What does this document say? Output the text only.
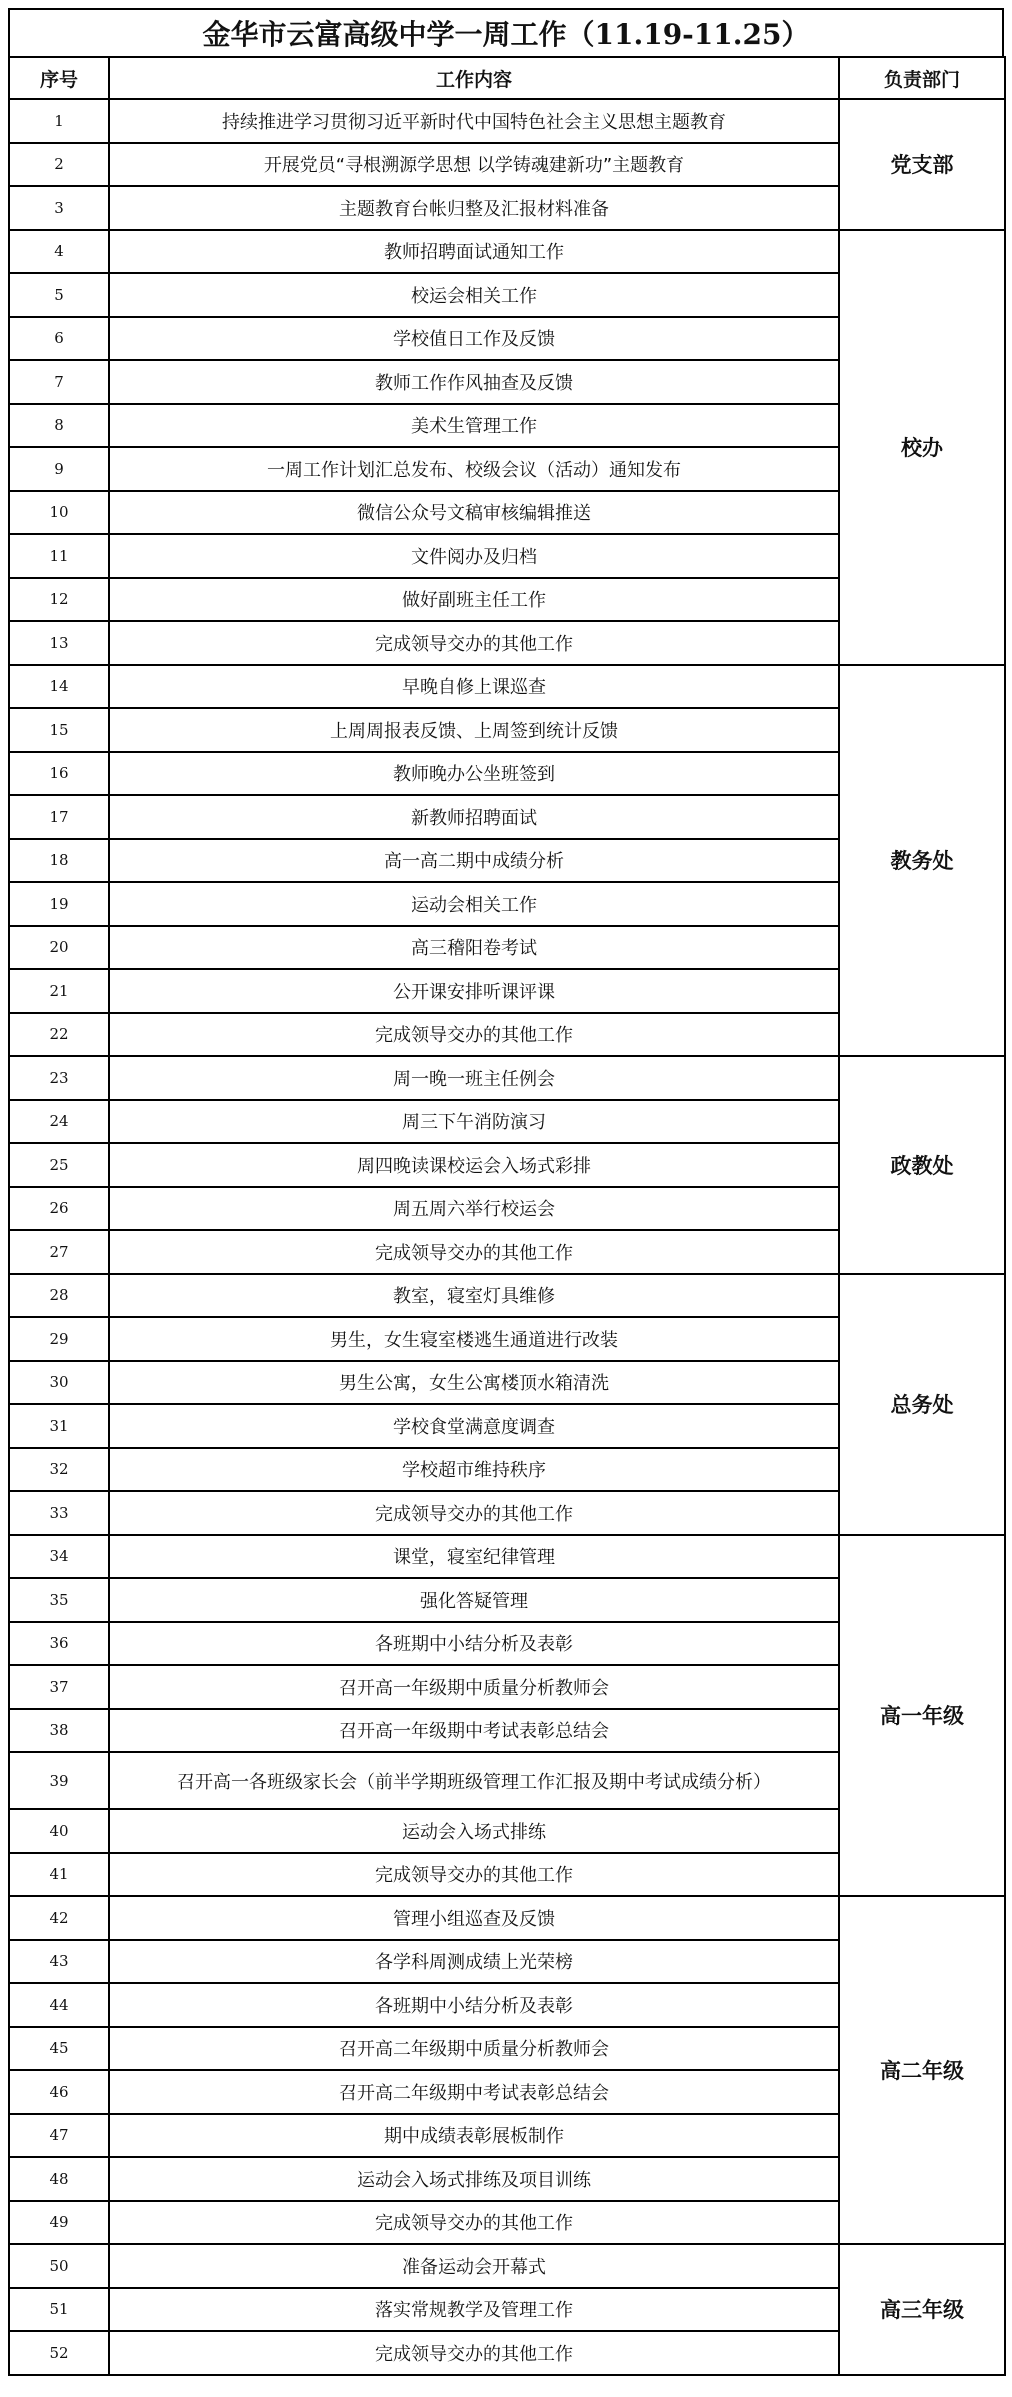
金华市云富高级中学一周工作（11.19-11.25）
序号	工作内容	负责部门
1	持续推进学习贯彻习近平新时代中国特色社会主义思想主题教育	党支部
2	开展党员“寻根溯源学思想 以学铸魂建新功”主题教育	
3	主题教育台帐归整及汇报材料准备	
4	教师招聘面试通知工作	校办
5	校运会相关工作	
6	学校值日工作及反馈	
7	教师工作作风抽查及反馈	
8	美术生管理工作	
9	一周工作计划汇总发布、校级会议（活动）通知发布	
10	微信公众号文稿审核编辑推送	
11	文件阅办及归档	
12	做好副班主任工作	
13	完成领导交办的其他工作	
14	早晚自修上课巡查	教务处
15	上周周报表反馈、上周签到统计反馈	
16	教师晚办公坐班签到	
17	新教师招聘面试	
18	高一高二期中成绩分析	
19	运动会相关工作	
20	高三稽阳卷考试	
21	公开课安排听课评课	
22	完成领导交办的其他工作	
23	周一晚一班主任例会	政教处
24	周三下午消防演习	
25	周四晚读课校运会入场式彩排	
26	周五周六举行校运会	
27	完成领导交办的其他工作	
28	教室，寝室灯具维修	总务处
29	男生，女生寝室楼逃生通道进行改装	
30	男生公寓，女生公寓楼顶水箱清洗	
31	学校食堂满意度调查	
32	学校超市维持秩序	
33	完成领导交办的其他工作	
34	课堂，寝室纪律管理	高一年级
35	强化答疑管理	
36	各班期中小结分析及表彰	
37	召开高一年级期中质量分析教师会	
38	召开高一年级期中考试表彰总结会	
39	召开高一各班级家长会（前半学期班级管理工作汇报及期中考试成绩分析）	
40	运动会入场式排练	
41	完成领导交办的其他工作	
42	管理小组巡查及反馈	高二年级
43	各学科周测成绩上光荣榜	
44	各班期中小结分析及表彰	
45	召开高二年级期中质量分析教师会	
46	召开高二年级期中考试表彰总结会	
47	期中成绩表彰展板制作	
48	运动会入场式排练及项目训练	
49	完成领导交办的其他工作	
50	准备运动会开幕式	高三年级
51	落实常规教学及管理工作	
52	完成领导交办的其他工作	
